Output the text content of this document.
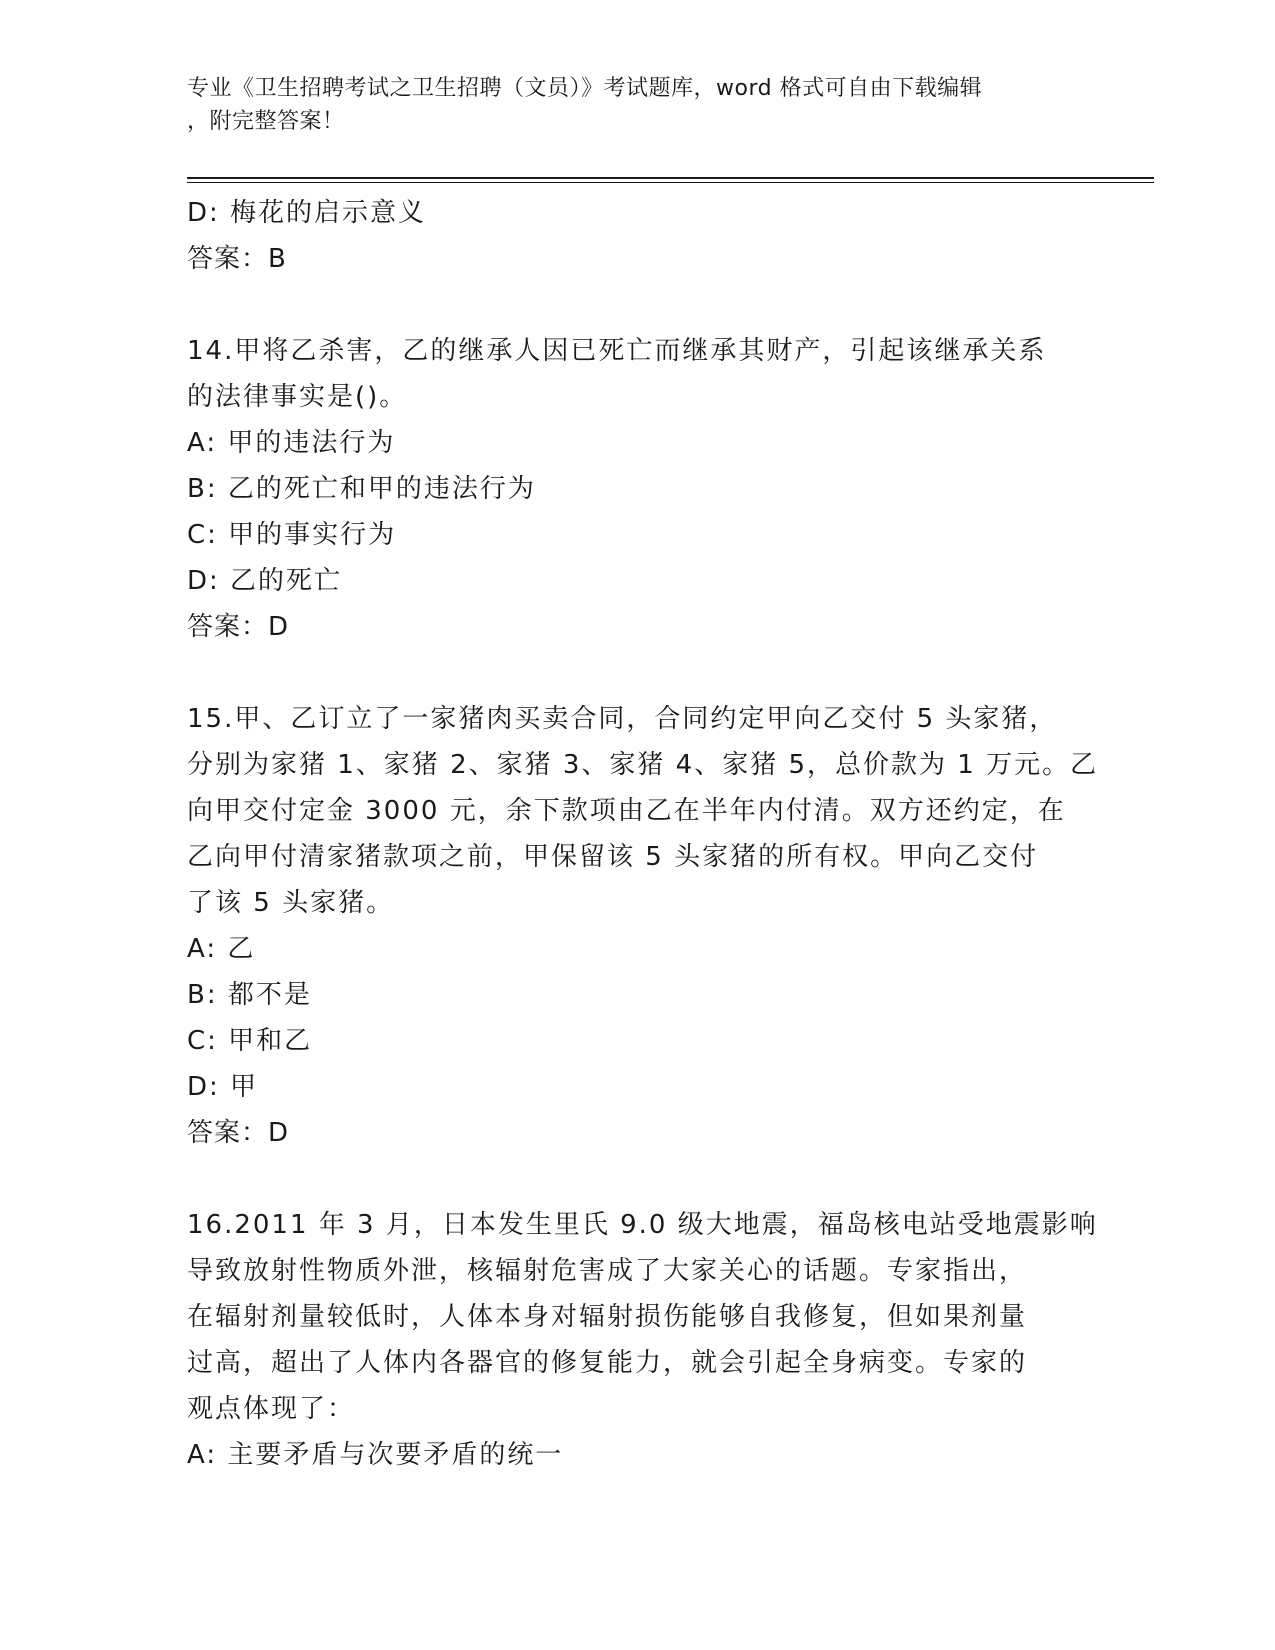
专业《卫生招聘考试之卫生招聘（文员）》考试题库，word 格式可自由下载编辑
，附完整答案！
D: 梅花的启示意义
答案：B
14.甲将乙杀害，乙的继承人因已死亡而继承其财产，引起该继承关系
的法律事实是()。
A: 甲的违法行为
B: 乙的死亡和甲的违法行为
C: 甲的事实行为
D: 乙的死亡
答案：D
15.甲、乙订立了一家猪肉买卖合同，合同约定甲向乙交付 5 头家猪，
分别为家猪 1、家猪 2、家猪 3、家猪 4、家猪 5，总价款为 1 万元。乙
向甲交付定金 3000 元，余下款项由乙在半年内付清。双方还约定，在
乙向甲付清家猪款项之前，甲保留该 5 头家猪的所有权。甲向乙交付
了该 5 头家猪。
A: 乙
B: 都不是
C: 甲和乙
D: 甲
答案：D
16.2011 年 3 月，日本发生里氏 9.0 级大地震，福岛核电站受地震影响
导致放射性物质外泄，核辐射危害成了大家关心的话题。专家指出，
在辐射剂量较低时，人体本身对辐射损伤能够自我修复，但如果剂量
过高，超出了人体内各器官的修复能力，就会引起全身病变。专家的
观点体现了：
A: 主要矛盾与次要矛盾的统一
